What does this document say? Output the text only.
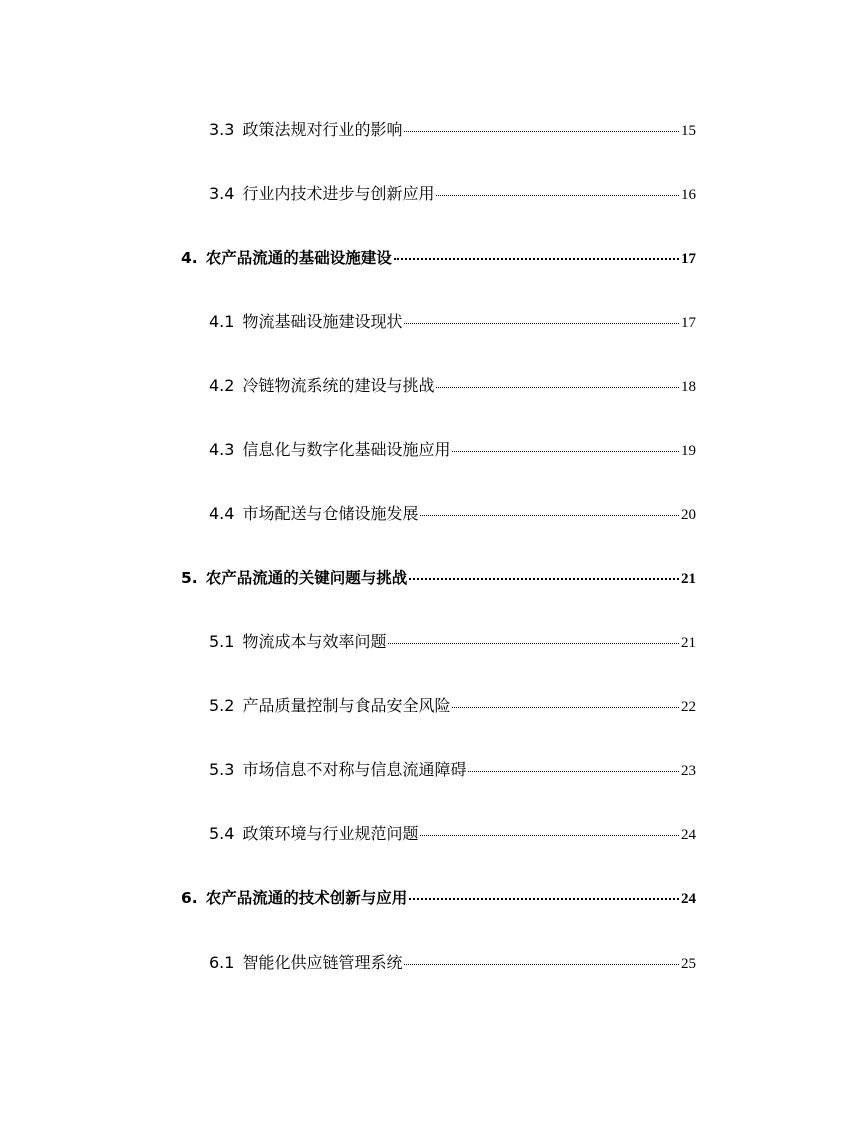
3.3 政策法规对行业的影响	15
3.4 行业内技术进步与创新应用	16
4. 农产品流通的基础设施建设	17
4.1 物流基础设施建设现状	17
4.2 冷链物流系统的建设与挑战	18
4.3 信息化与数字化基础设施应用	19
4.4 市场配送与仓储设施发展	20
5. 农产品流通的关键问题与挑战	21
5.1 物流成本与效率问题	21
5.2 产品质量控制与食品安全风险	22
5.3 市场信息不对称与信息流通障碍	23
5.4 政策环境与行业规范问题	24
6. 农产品流通的技术创新与应用	24
6.1 智能化供应链管理系统	25
